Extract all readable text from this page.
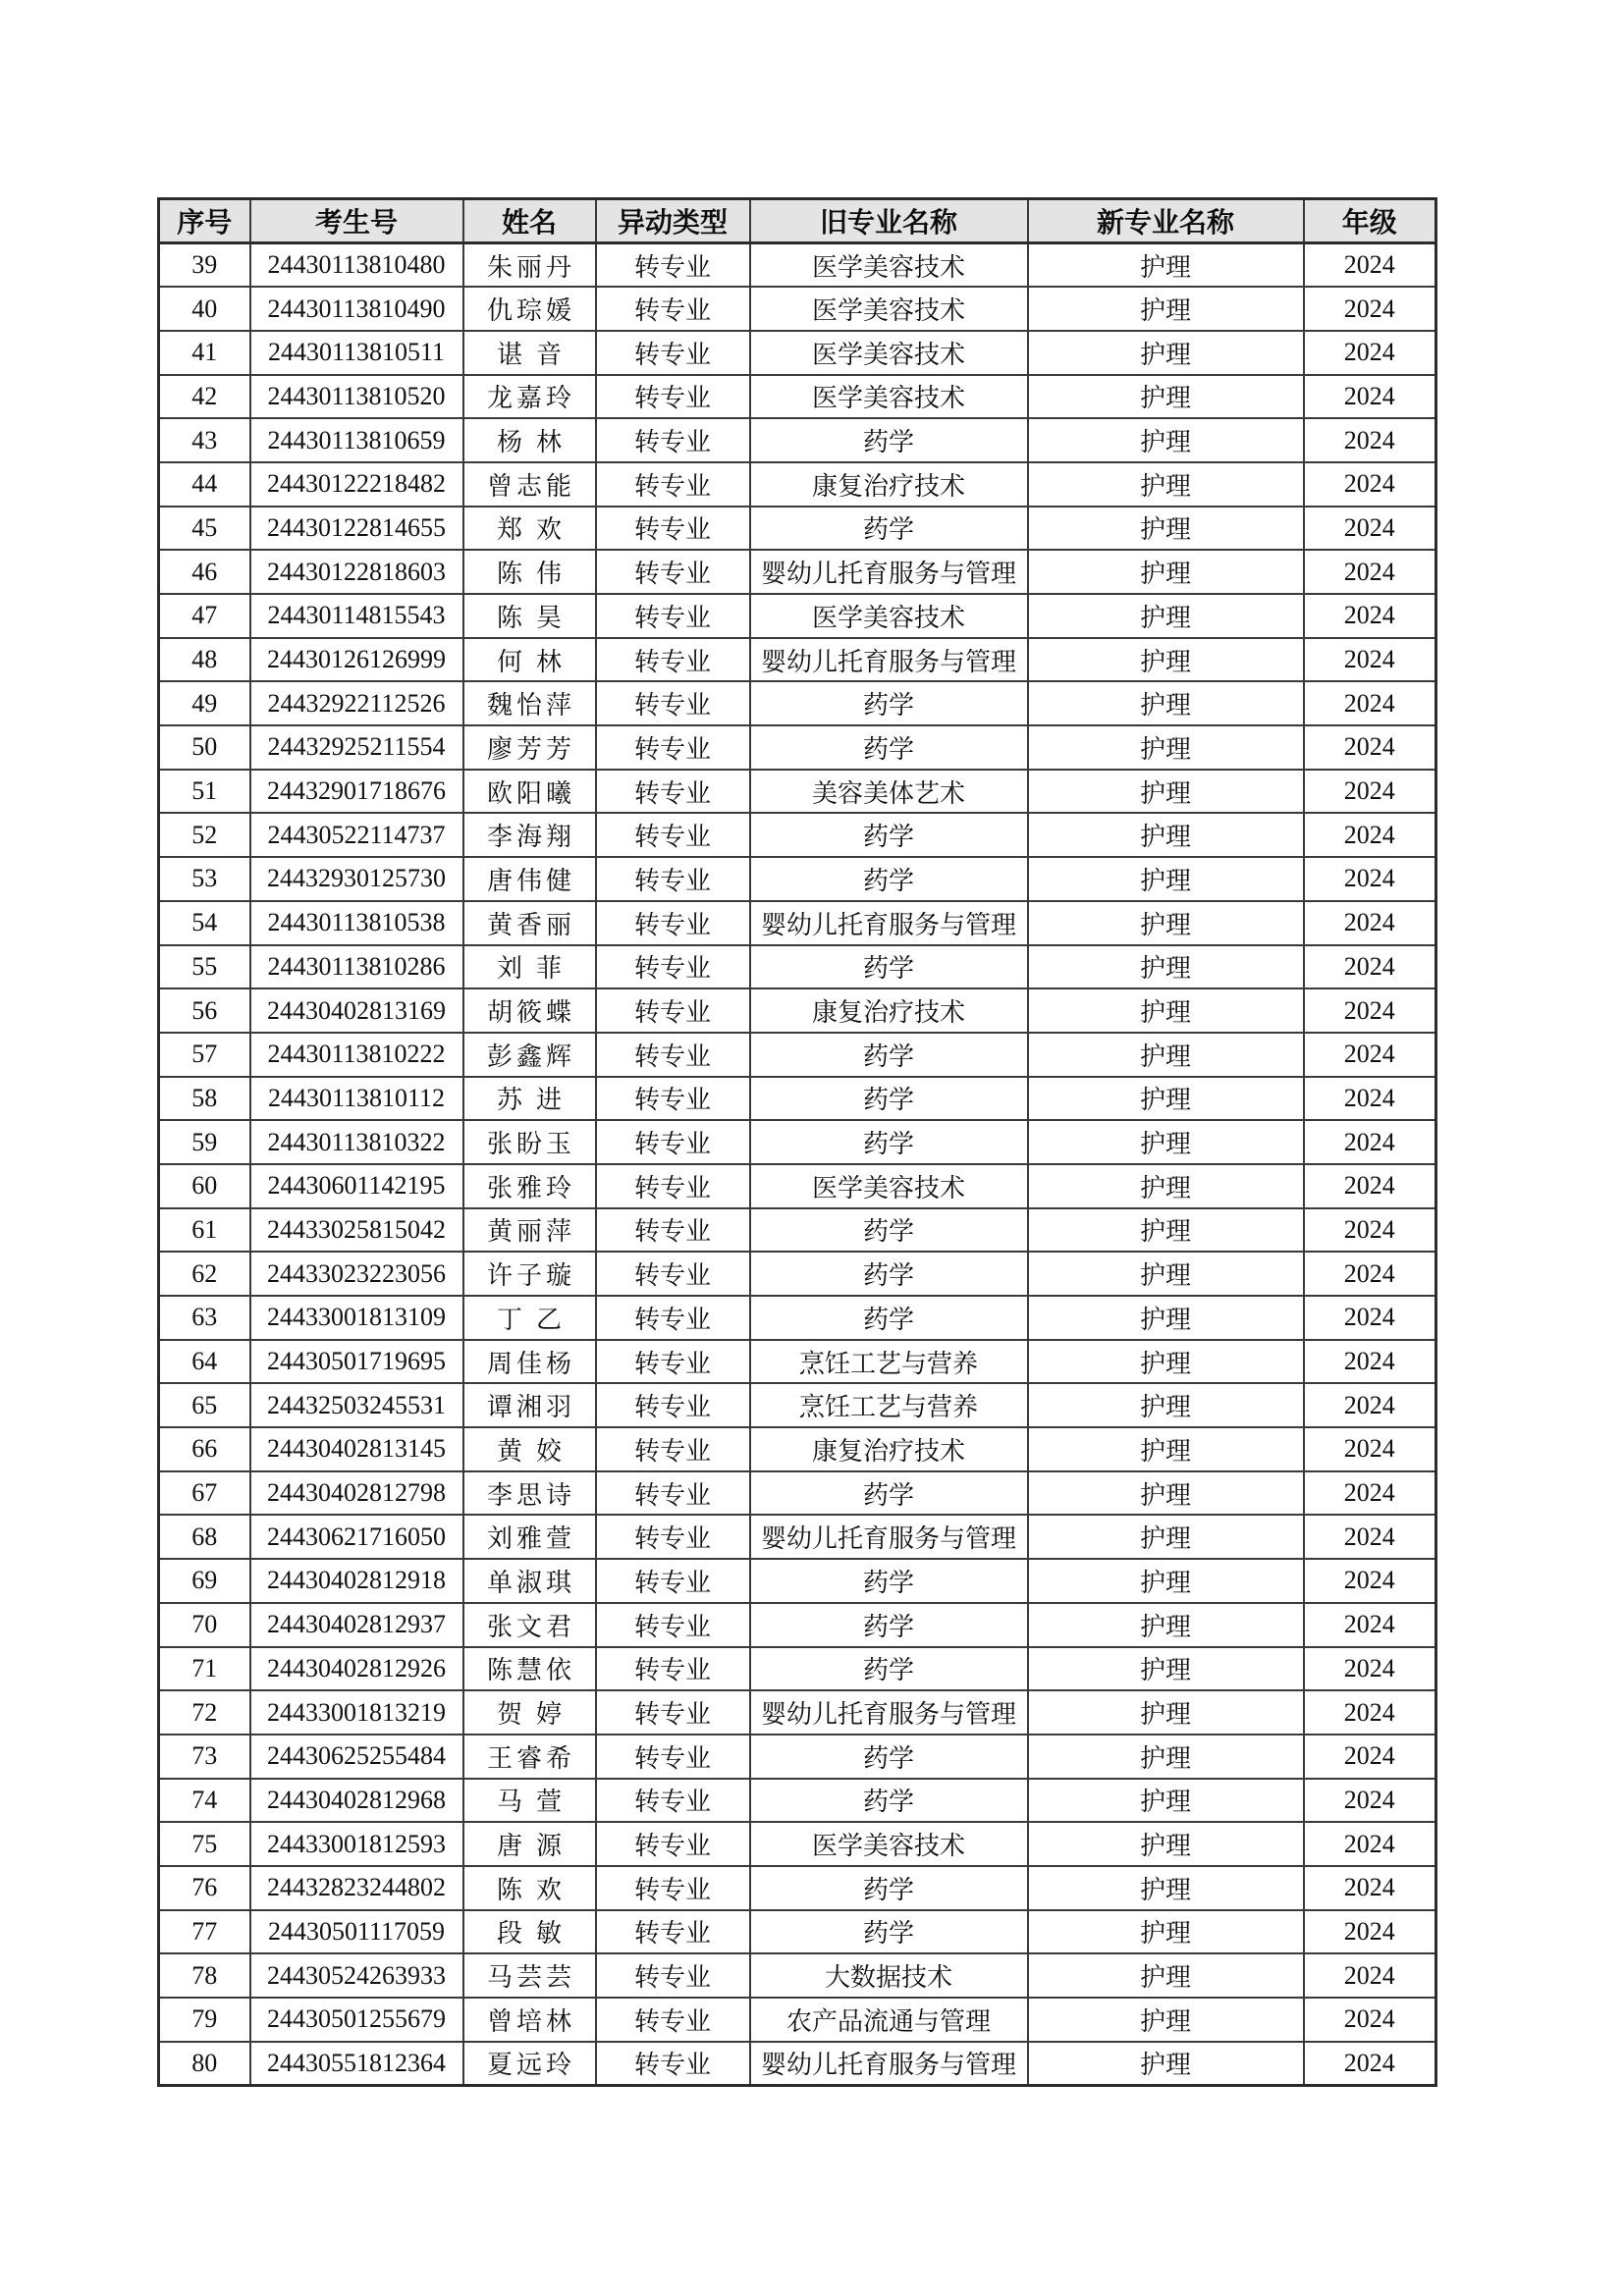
序号	考生号	姓名	异动类型	旧专业名称	新专业名称	年级
39	24430113810480	朱丽丹	转专业	医学美容技术	护理	2024
40	24430113810490	仇琮媛	转专业	医学美容技术	护理	2024
41	24430113810511	谌音	转专业	医学美容技术	护理	2024
42	24430113810520	龙嘉玲	转专业	医学美容技术	护理	2024
43	24430113810659	杨林	转专业	药学	护理	2024
44	24430122218482	曾志能	转专业	康复治疗技术	护理	2024
45	24430122814655	郑欢	转专业	药学	护理	2024
46	24430122818603	陈伟	转专业	婴幼儿托育服务与管理	护理	2024
47	24430114815543	陈昊	转专业	医学美容技术	护理	2024
48	24430126126999	何林	转专业	婴幼儿托育服务与管理	护理	2024
49	24432922112526	魏怡萍	转专业	药学	护理	2024
50	24432925211554	廖芳芳	转专业	药学	护理	2024
51	24432901718676	欧阳曦	转专业	美容美体艺术	护理	2024
52	24430522114737	李海翔	转专业	药学	护理	2024
53	24432930125730	唐伟健	转专业	药学	护理	2024
54	24430113810538	黄香丽	转专业	婴幼儿托育服务与管理	护理	2024
55	24430113810286	刘菲	转专业	药学	护理	2024
56	24430402813169	胡筱蝶	转专业	康复治疗技术	护理	2024
57	24430113810222	彭鑫辉	转专业	药学	护理	2024
58	24430113810112	苏进	转专业	药学	护理	2024
59	24430113810322	张盼玉	转专业	药学	护理	2024
60	24430601142195	张雅玲	转专业	医学美容技术	护理	2024
61	24433025815042	黄丽萍	转专业	药学	护理	2024
62	24433023223056	许子璇	转专业	药学	护理	2024
63	24433001813109	丁乙	转专业	药学	护理	2024
64	24430501719695	周佳杨	转专业	烹饪工艺与营养	护理	2024
65	24432503245531	谭湘羽	转专业	烹饪工艺与营养	护理	2024
66	24430402813145	黄姣	转专业	康复治疗技术	护理	2024
67	24430402812798	李思诗	转专业	药学	护理	2024
68	24430621716050	刘雅萱	转专业	婴幼儿托育服务与管理	护理	2024
69	24430402812918	单淑琪	转专业	药学	护理	2024
70	24430402812937	张文君	转专业	药学	护理	2024
71	24430402812926	陈慧依	转专业	药学	护理	2024
72	24433001813219	贺婷	转专业	婴幼儿托育服务与管理	护理	2024
73	24430625255484	王睿希	转专业	药学	护理	2024
74	24430402812968	马萱	转专业	药学	护理	2024
75	24433001812593	唐源	转专业	医学美容技术	护理	2024
76	24432823244802	陈欢	转专业	药学	护理	2024
77	24430501117059	段敏	转专业	药学	护理	2024
78	24430524263933	马芸芸	转专业	大数据技术	护理	2024
79	24430501255679	曾培林	转专业	农产品流通与管理	护理	2024
80	24430551812364	夏远玲	转专业	婴幼儿托育服务与管理	护理	2024
